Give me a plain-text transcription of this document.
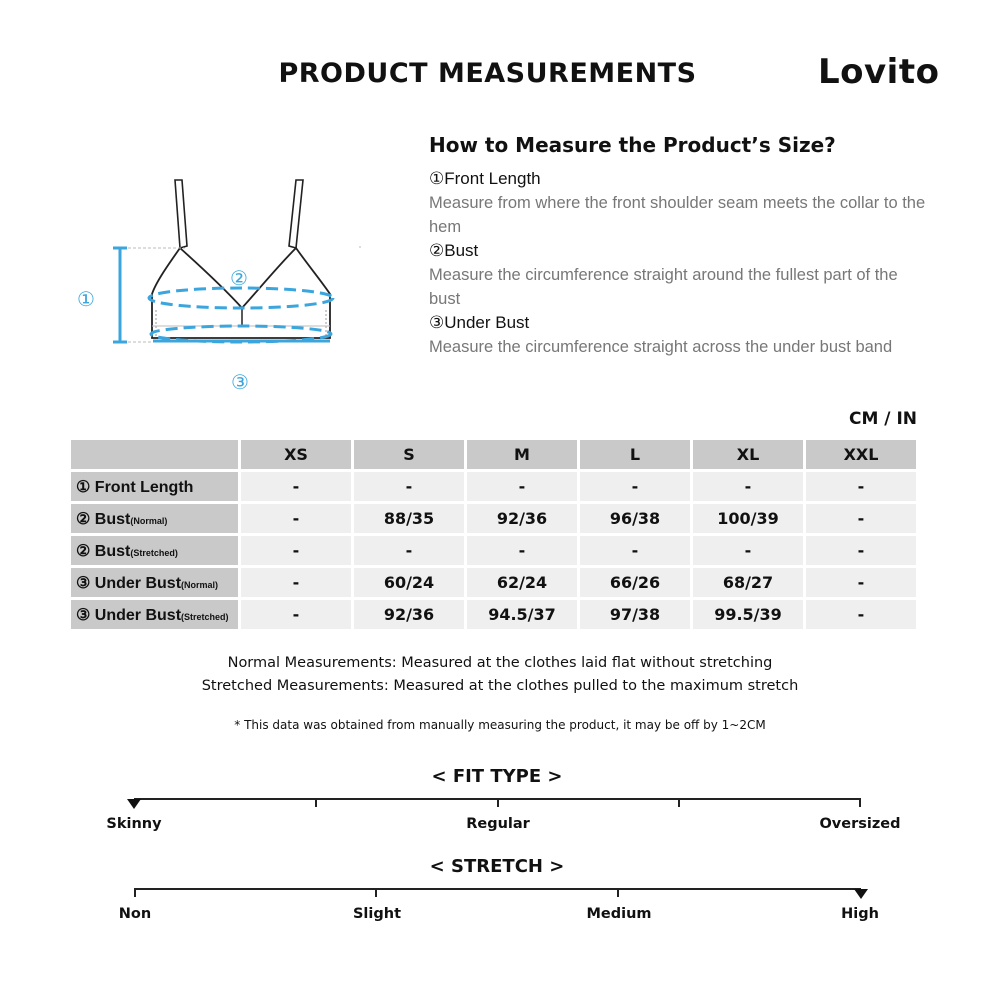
PRODUCT MEASUREMENTS	Lovito
①
②
③
How to Measure the Product’s Size?
①Front Length
Measure from where the front shoulder seam meets the collar to the hem
②Bust
Measure the circumference straight around the fullest part of the bust
③Under Bust
Measure the circumference straight across the under bust band
CM / IN
	XS	S	M	L	XL	XXL
① Front Length	-	-	-	-	-	-
② Bust(Normal)	-	88/35	92/36	96/38	100/39	-
② Bust(Stretched)	-	-	-	-	-	-
③ Under Bust(Normal)	-	60/24	62/24	66/26	68/27	-
③ Under Bust(Stretched)	-	92/36	94.5/37	97/38	99.5/39	-
Normal Measurements: Measured at the clothes laid flat without stretching
Stretched Measurements: Measured at the clothes pulled to the maximum stretch
* This data was obtained from manually measuring the product, it may be off by 1~2CM
< FIT TYPE >
Skinny	Regular	Oversized
< STRETCH >
Non	Slight	Medium	High
